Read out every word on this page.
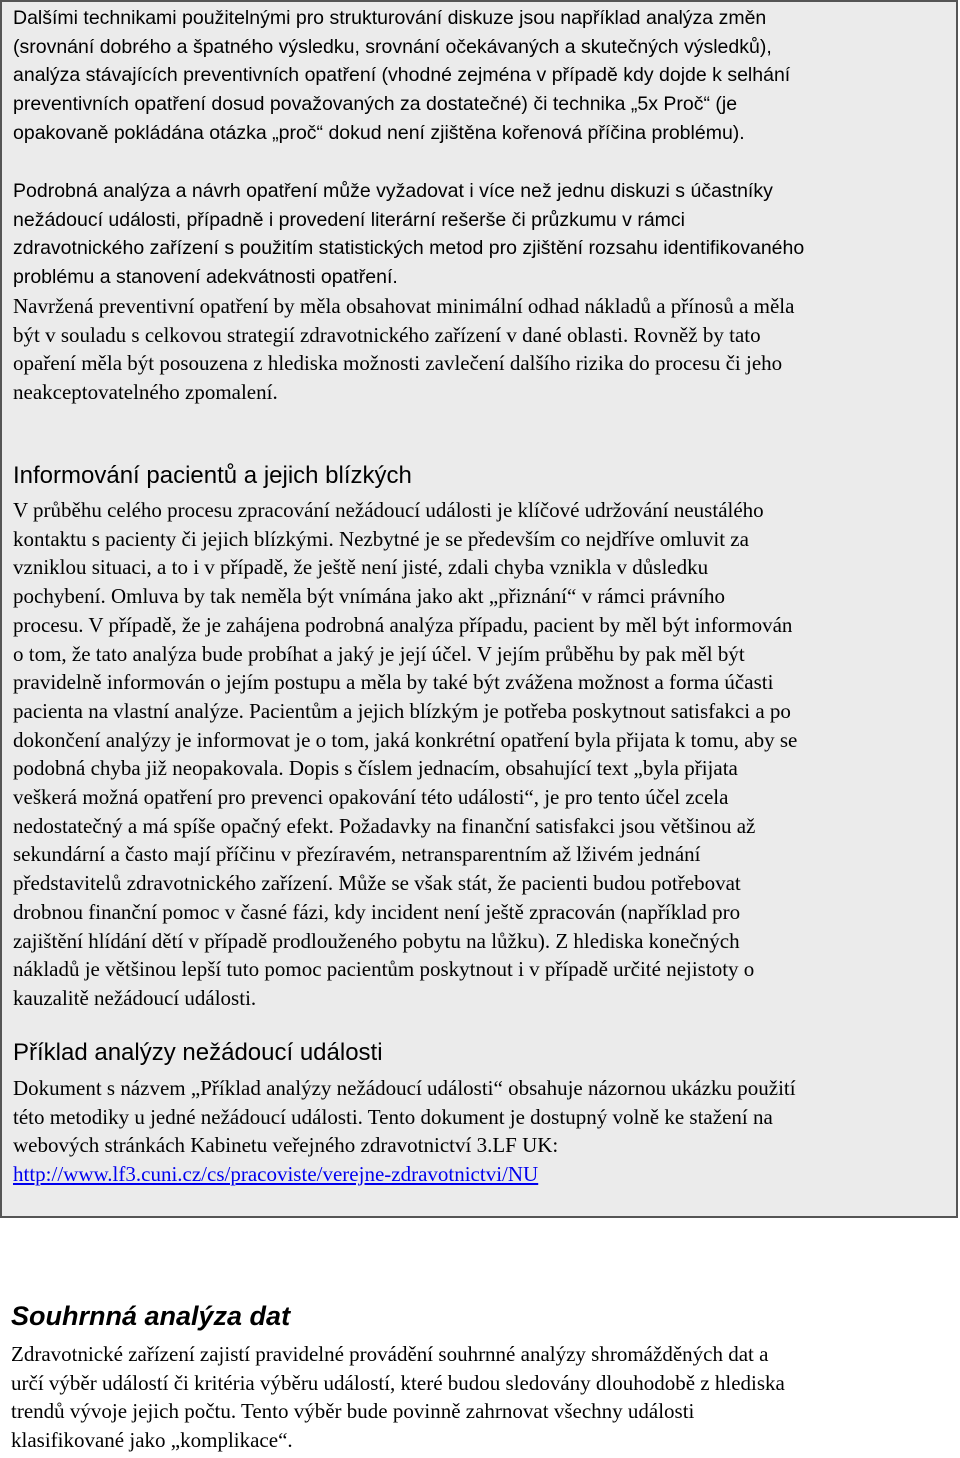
Dalšími technikami použitelnými pro strukturování diskuze jsou například analýza změn
(srovnání dobrého a špatného výsledku, srovnání očekávaných a skutečných výsledků),
analýza stávajících preventivních opatření (vhodné zejména v případě kdy dojde k selhání
preventivních opatření dosud považovaných za dostatečné) či technika „5x Proč“ (je
opakovaně pokládána otázka „proč“ dokud není zjištěna kořenová příčina problému).

Podrobná analýza a návrh opatření může vyžadovat i více než jednu diskuzi s účastníky
nežádoucí události, případně i provedení literární rešerše či průzkumu v rámci
zdravotnického zařízení s použitím statistických metod pro zjištění rozsahu identifikovaného
problému a stanovení adekvátnosti opatření.

Navržená preventivní opatření by měla obsahovat minimální odhad nákladů a přínosů a měla
být v souladu s celkovou strategií zdravotnického zařízení v dané oblasti. Rovněž by tato
opaření měla být posouzena z hlediska možnosti zavlečení dalšího rizika do procesu či jeho
neakceptovatelného zpomalení.

Informování pacientů a jejich blízkých

V průběhu celého procesu zpracování nežádoucí události je klíčové udržování neustálého
kontaktu s pacienty či jejich blízkými. Nezbytné je se především co nejdříve omluvit za
vzniklou situaci, a to i v případě, že ještě není jisté, zdali chyba vznikla v důsledku
pochybení. Omluva by tak neměla být vnímána jako akt „přiznání“ v rámci právního
procesu. V případě, že je zahájena podrobná analýza případu, pacient by měl být informován
o tom, že tato analýza bude probíhat a jaký je její účel. V jejím průběhu by pak měl být
pravidelně informován o jejím postupu a měla by také být zvážena možnost a forma účasti
pacienta na vlastní analýze. Pacientům a jejich blízkým je potřeba poskytnout satisfakci a po
dokončení analýzy je informovat je o tom, jaká konkrétní opatření byla přijata k tomu, aby se
podobná chyba již neopakovala. Dopis s číslem jednacím, obsahující text „byla přijata
veškerá možná opatření pro prevenci opakování této události“, je pro tento účel zcela
nedostatečný a má spíše opačný efekt. Požadavky na finanční satisfakci jsou většinou až
sekundární a často mají příčinu v přezíravém, netransparentním až lživém jednání
představitelů zdravotnického zařízení. Může se však stát, že pacienti budou potřebovat
drobnou finanční pomoc v časné fázi, kdy incident není ještě zpracován (například pro
zajištění hlídání dětí v případě prodlouženého pobytu na lůžku). Z hlediska konečných
nákladů je většinou lepší tuto pomoc pacientům poskytnout i v případě určité nejistoty o
kauzalitě nežádoucí události.

Příklad analýzy nežádoucí události

Dokument s názvem „Příklad analýzy nežádoucí události“ obsahuje názornou ukázku použití
této metodiky u jedné nežádoucí události. Tento dokument je dostupný volně ke stažení na
webových stránkách Kabinetu veřejného zdravotnictví 3.LF UK:
http://www.lf3.cuni.cz/cs/pracoviste/verejne-zdravotnictvi/NU

Souhrnná analýza dat

Zdravotnické zařízení zajistí pravidelné provádění souhrnné analýzy shromážděných dat a
určí výběr událostí či kritéria výběru událostí, které budou sledovány dlouhodobě z hlediska
trendů vývoje jejich počtu. Tento výběr bude povinně zahrnovat všechny události
klasifikované jako „komplikace“.
